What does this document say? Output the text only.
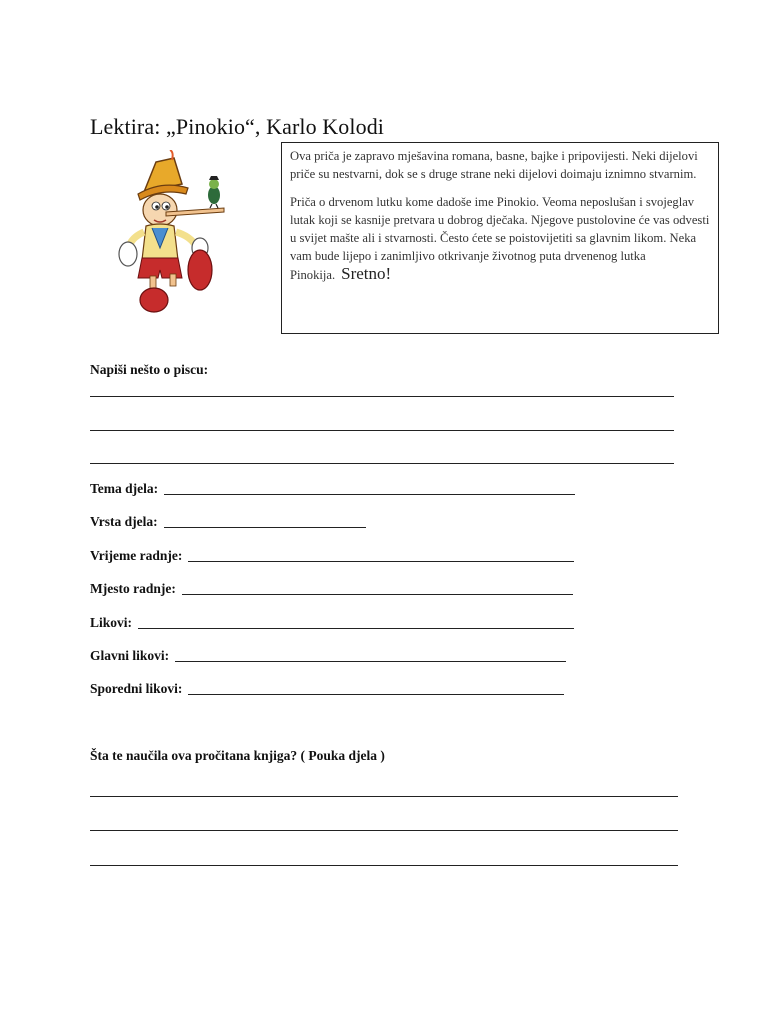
Lektira: „Pinokio“, Karlo Kolodi

Ova priča je zapravo mješavina romana, basne, bajke i pripovijesti. Neki dijelovi priče su nestvarni, dok se s druge strane neki dijelovi doimaju iznimno stvarnim.

Priča o drvenom lutku kome dadoše ime Pinokio. Veoma neposlušan i svojeglav lutak koji se kasnije pretvara u dobrog dječaka. Njegove pustolovine će vas odvesti u svijet mašte ali i stvarnosti. Često ćete se poistovijetiti sa glavnim likom. Neka vam bude lijepo i zanimljivo otkrivanje životnog puta drvenenog lutka Pinokija. Sretno!

Napiši nešto o piscu:
Tema djela:
Vrsta djela:
Vrijeme radnje:
Mjesto radnje:
Likovi:
Glavni likovi:
Sporedni likovi:
Šta te naučila ova pročitana knjiga? ( Pouka djela )
